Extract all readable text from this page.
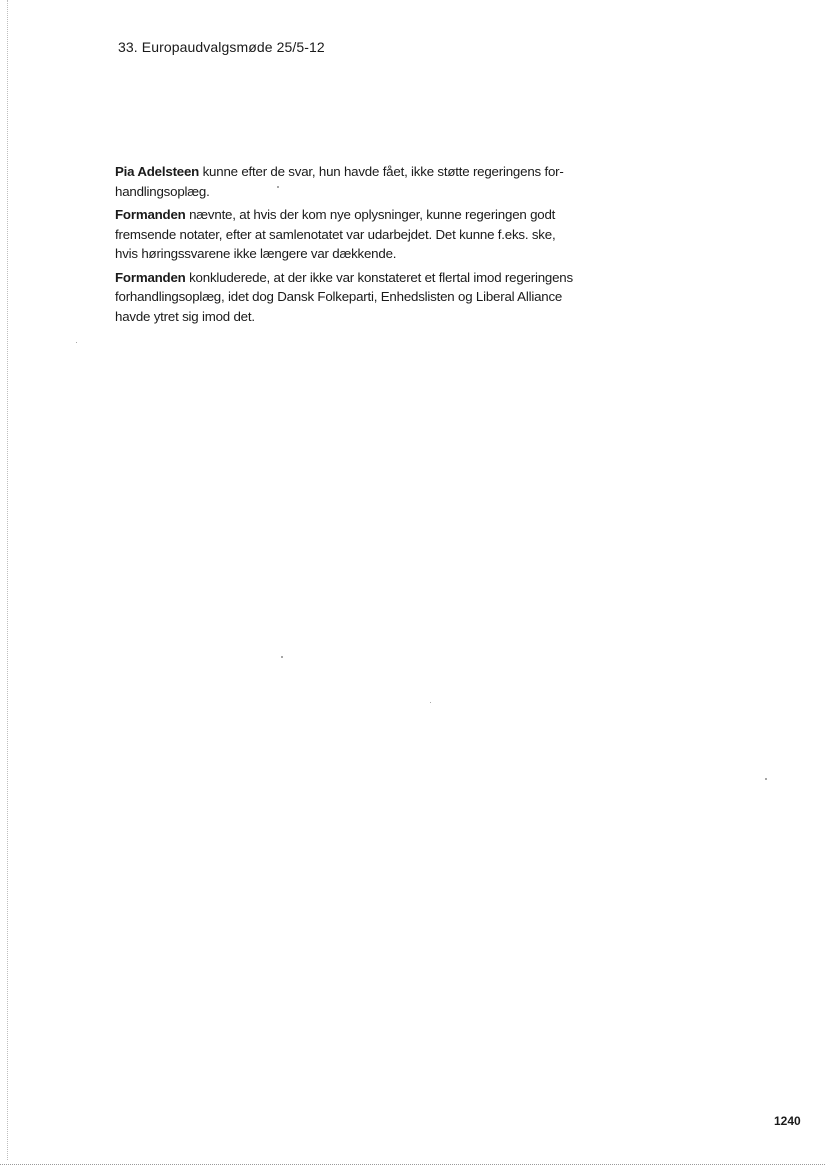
33. Europaudvalgsmøde 25/5-12

Pia Adelsteen kunne efter de svar, hun havde fået, ikke støtte regeringens for-
handlingsoplæg.

Formanden nævnte, at hvis der kom nye oplysninger, kunne regeringen godt
fremsende notater, efter at samlenotatet var udarbejdet. Det kunne f.eks. ske,
hvis høringssvarene ikke længere var dækkende.

Formanden konkluderede, at der ikke var konstateret et flertal imod regeringens
forhandlingsoplæg, idet dog Dansk Folkeparti, Enhedslisten og Liberal Alliance
havde ytret sig imod det.

1240
